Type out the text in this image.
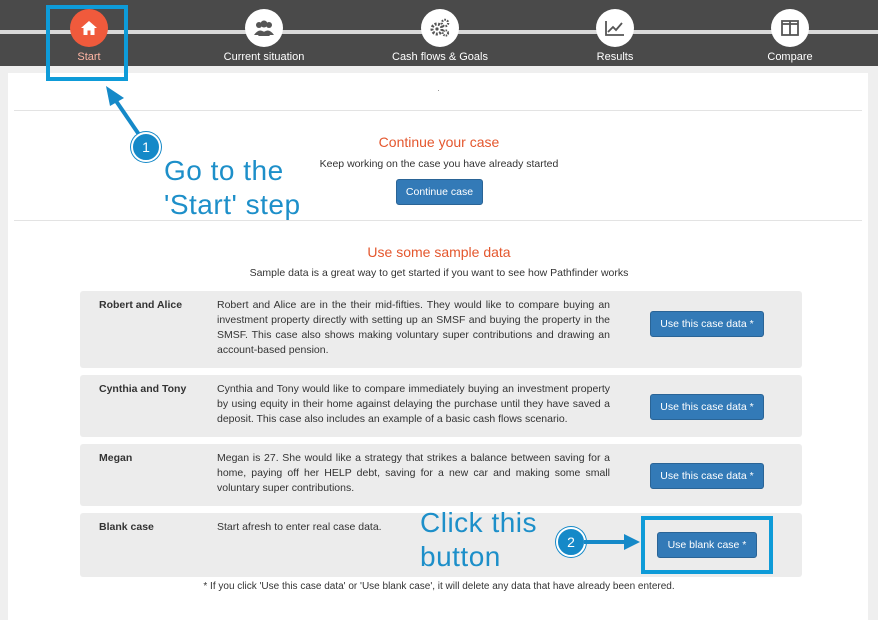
Start	Current situation	Cash flows & Goals	Results	Compare
·
Continue your case
Keep working on the case you have already started
Continue case
Use some sample data
Sample data is a great way to get started if you want to see how Pathfinder works
Robert and Alice	Robert and Alice are in the their mid-fifties. They would like to compare buying an investment property directly with setting up an SMSF and buying the property in the SMSF. This case also shows making voluntary super contributions and drawing an account-based pension.
Use this case data *
Cynthia and Tony	Cynthia and Tony would like to compare immediately buying an investment property by using equity in their home against delaying the purchase until they have saved a deposit. This case also includes an example of a basic cash flows scenario.
Use this case data *
Megan	Megan is 27. She would like a strategy that strikes a balance between saving for a home, paying off her HELP debt, saving for a new car and making some small voluntary super contributions.
Use this case data *
Blank case	Start afresh to enter real case data.
Use blank case *
* If you click 'Use this case data' or 'Use blank case', it will delete any data that have already been entered.
1
Go to the
'Start' step
Click this
button	2
